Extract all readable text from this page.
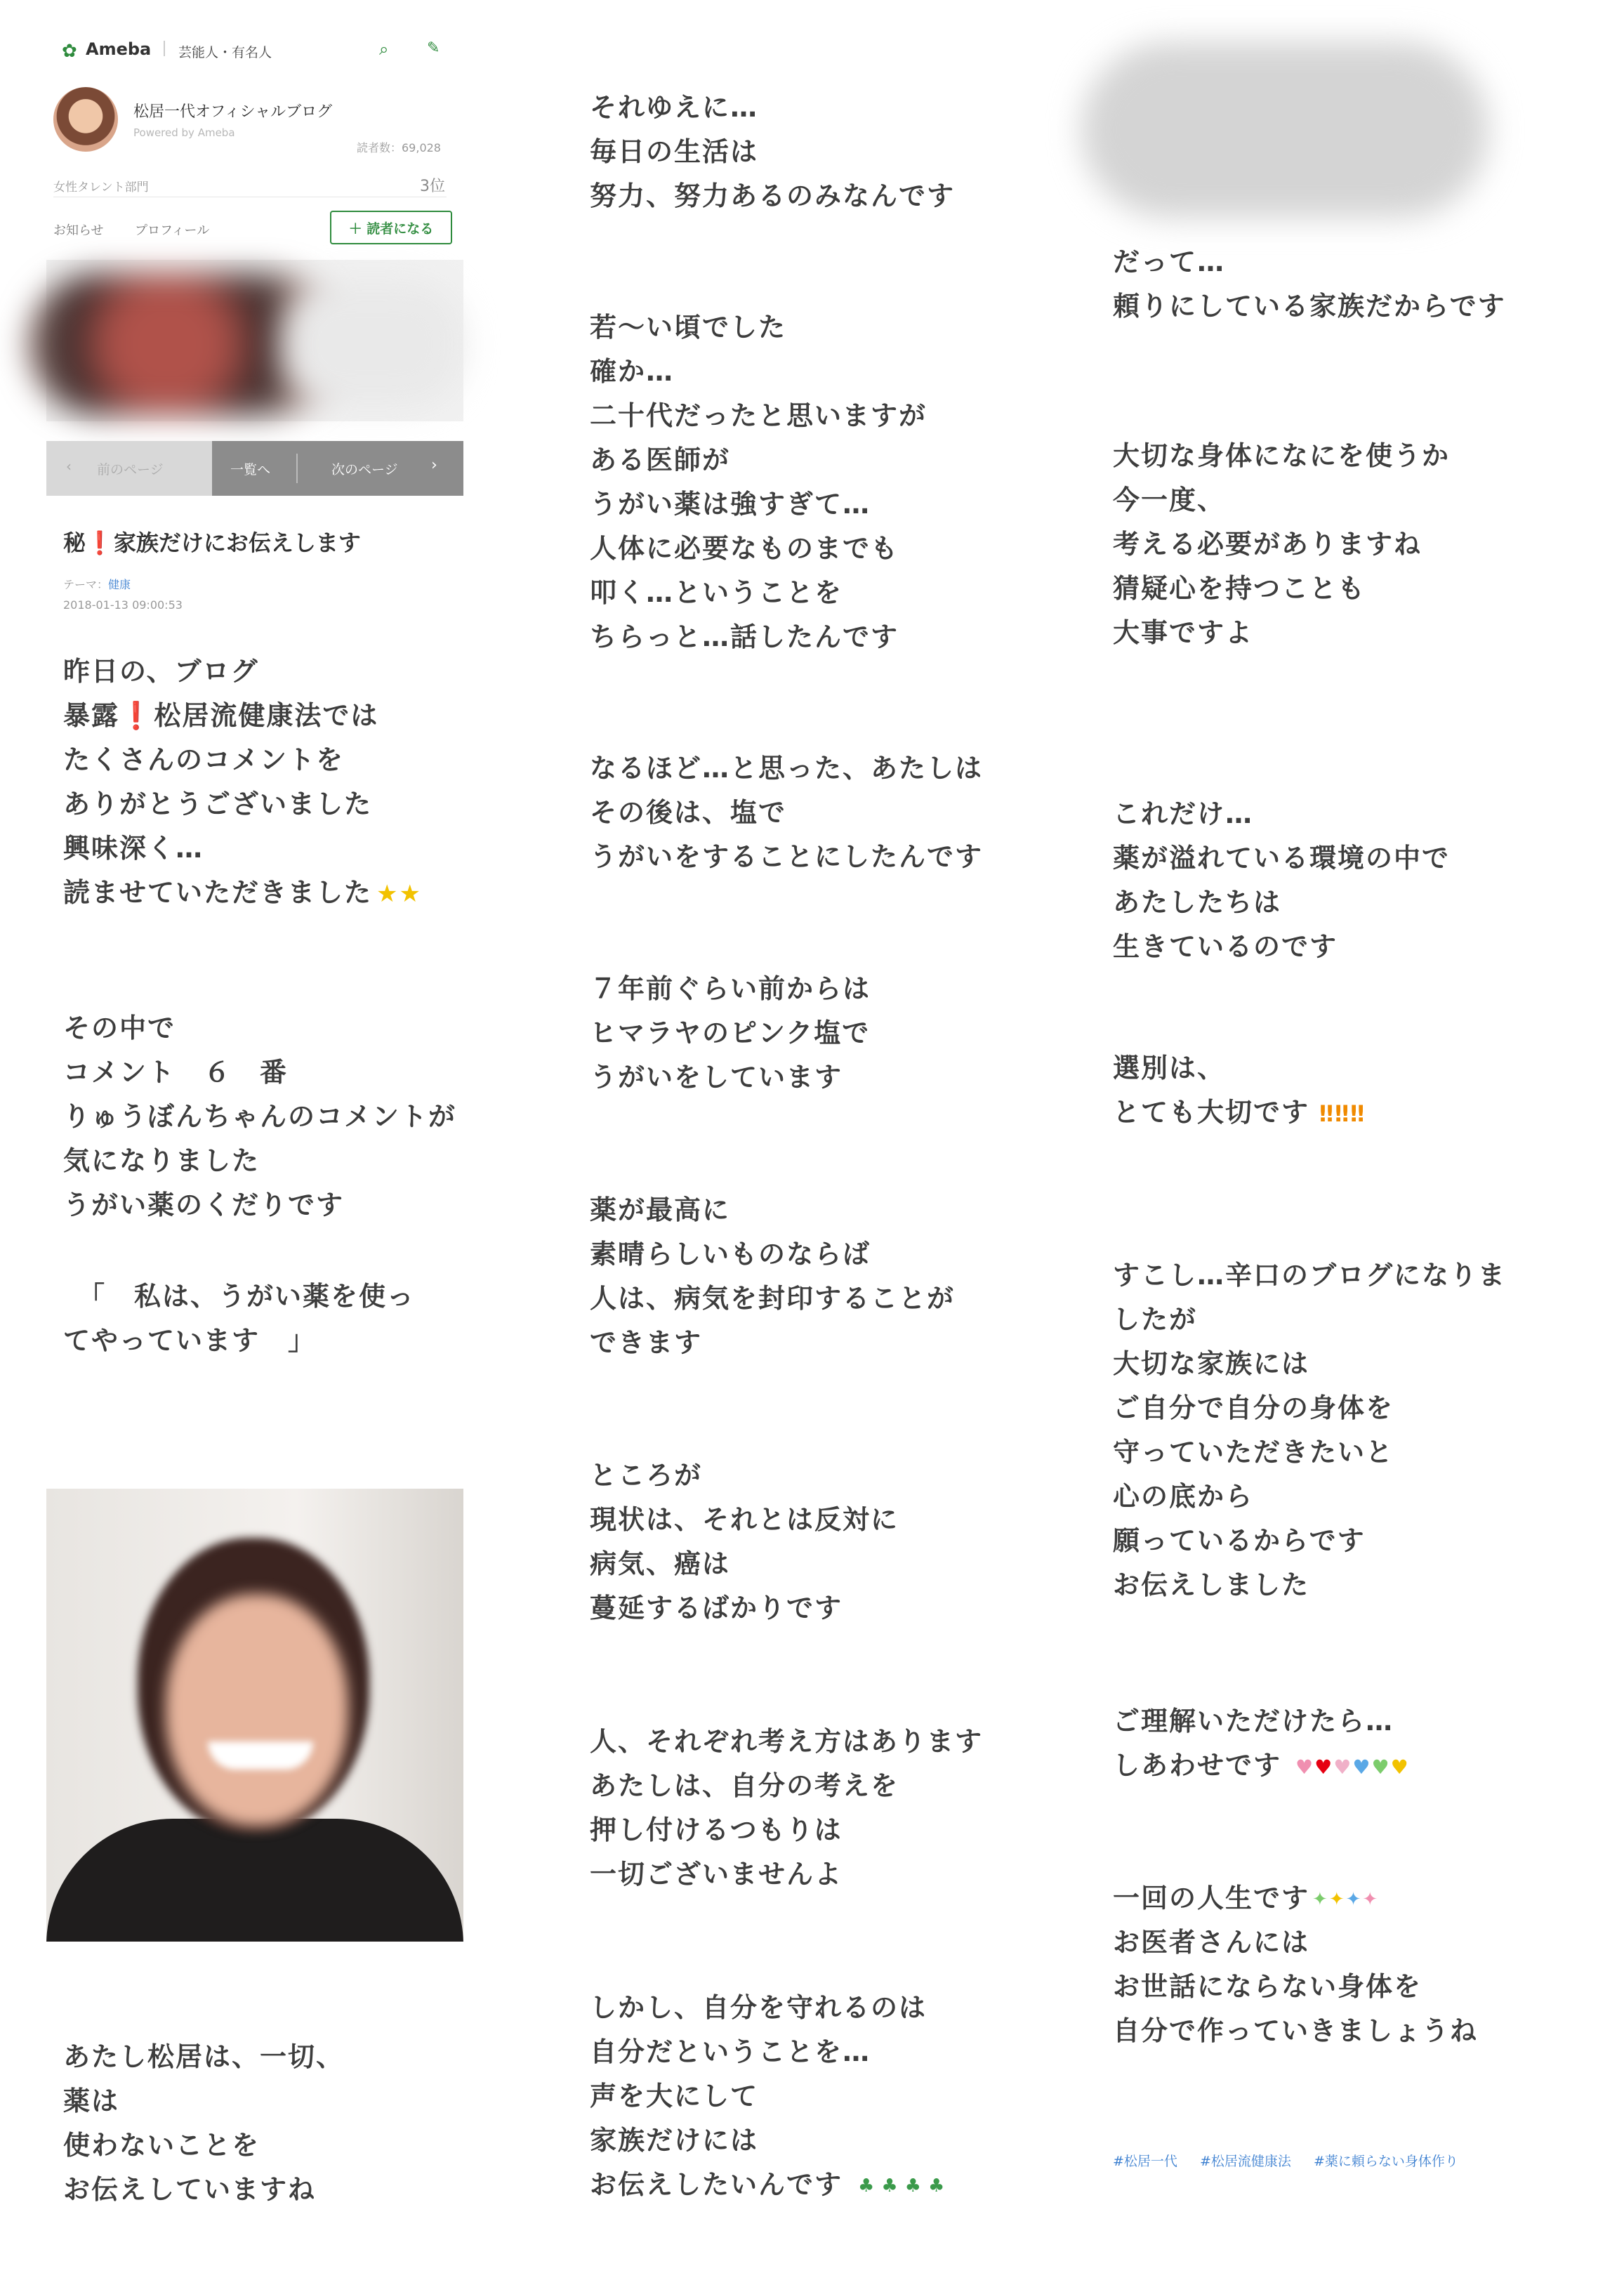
✿ Ameba 芸能人・有名人	⌕ ✎
松居一代オフィシャルブログ
Powered by Ameba
読者数：69,028
女性タレント部門	3位
お知らせ プロフィール	＋ 読者になる
‹ 前のページ	一覧へ	次のページ ›
秘❗家族だけにお伝えします
テーマ：健康
2018-01-13 09:00:53
昨日の、ブログ
暴露❗松居流健康法では
たくさんのコメントを
ありがとうございました
興味深く…
読ませていただきました ★★
その中で
コメント　６　番
りゅうぼんちゃんのコメントが
気になりました
うがい薬のくだりです
　「　私は、うがい薬を使っ
てやっています　」
あたし松居は、一切、
薬は
使わないことを
お伝えしていますね
それゆえに…
毎日の生活は
努力、努力あるのみなんです
若〜い頃でした
確か…
二十代だったと思いますが
ある医師が
うがい薬は強すぎて…
人体に必要なものまでも
叩く…ということを
ちらっと…話したんです
なるほど…と思った、あたしは
その後は、塩で
うがいをすることにしたんです
７年前ぐらい前からは
ヒマラヤのピンク塩で
うがいをしています
薬が最高に
素晴らしいものならば
人は、病気を封印することが
できます
ところが
現状は、それとは反対に
病気、癌は
蔓延するばかりです
人、それぞれ考え方はあります
あたしは、自分の考えを
押し付けるつもりは
一切ございませんよ
しかし、自分を守れるのは
自分だということを…
声を大にして
家族だけには
お伝えしたいんです ♣♣♣♣
だって…
頼りにしている家族だからです
大切な身体になにを使うか
今一度、
考える必要がありますね
猜疑心を持つことも
大事ですよ
これだけ…
薬が溢れている環境の中で
あたしたちは
生きているのです
選別は、
とても大切です ‼‼‼
すこし…辛口のブログになりま
したが
大切な家族には
ご自分で自分の身体を
守っていただきたいと
心の底から
願っているからです
お伝えしました
ご理解いただけたら…
しあわせです ♥♥♥♥♥♥
一回の人生です ✦✦✦✦
お医者さんには
お世話にならない身体を
自分で作っていきましょうね
#松居一代 #松居流健康法 #薬に頼らない身体作り
